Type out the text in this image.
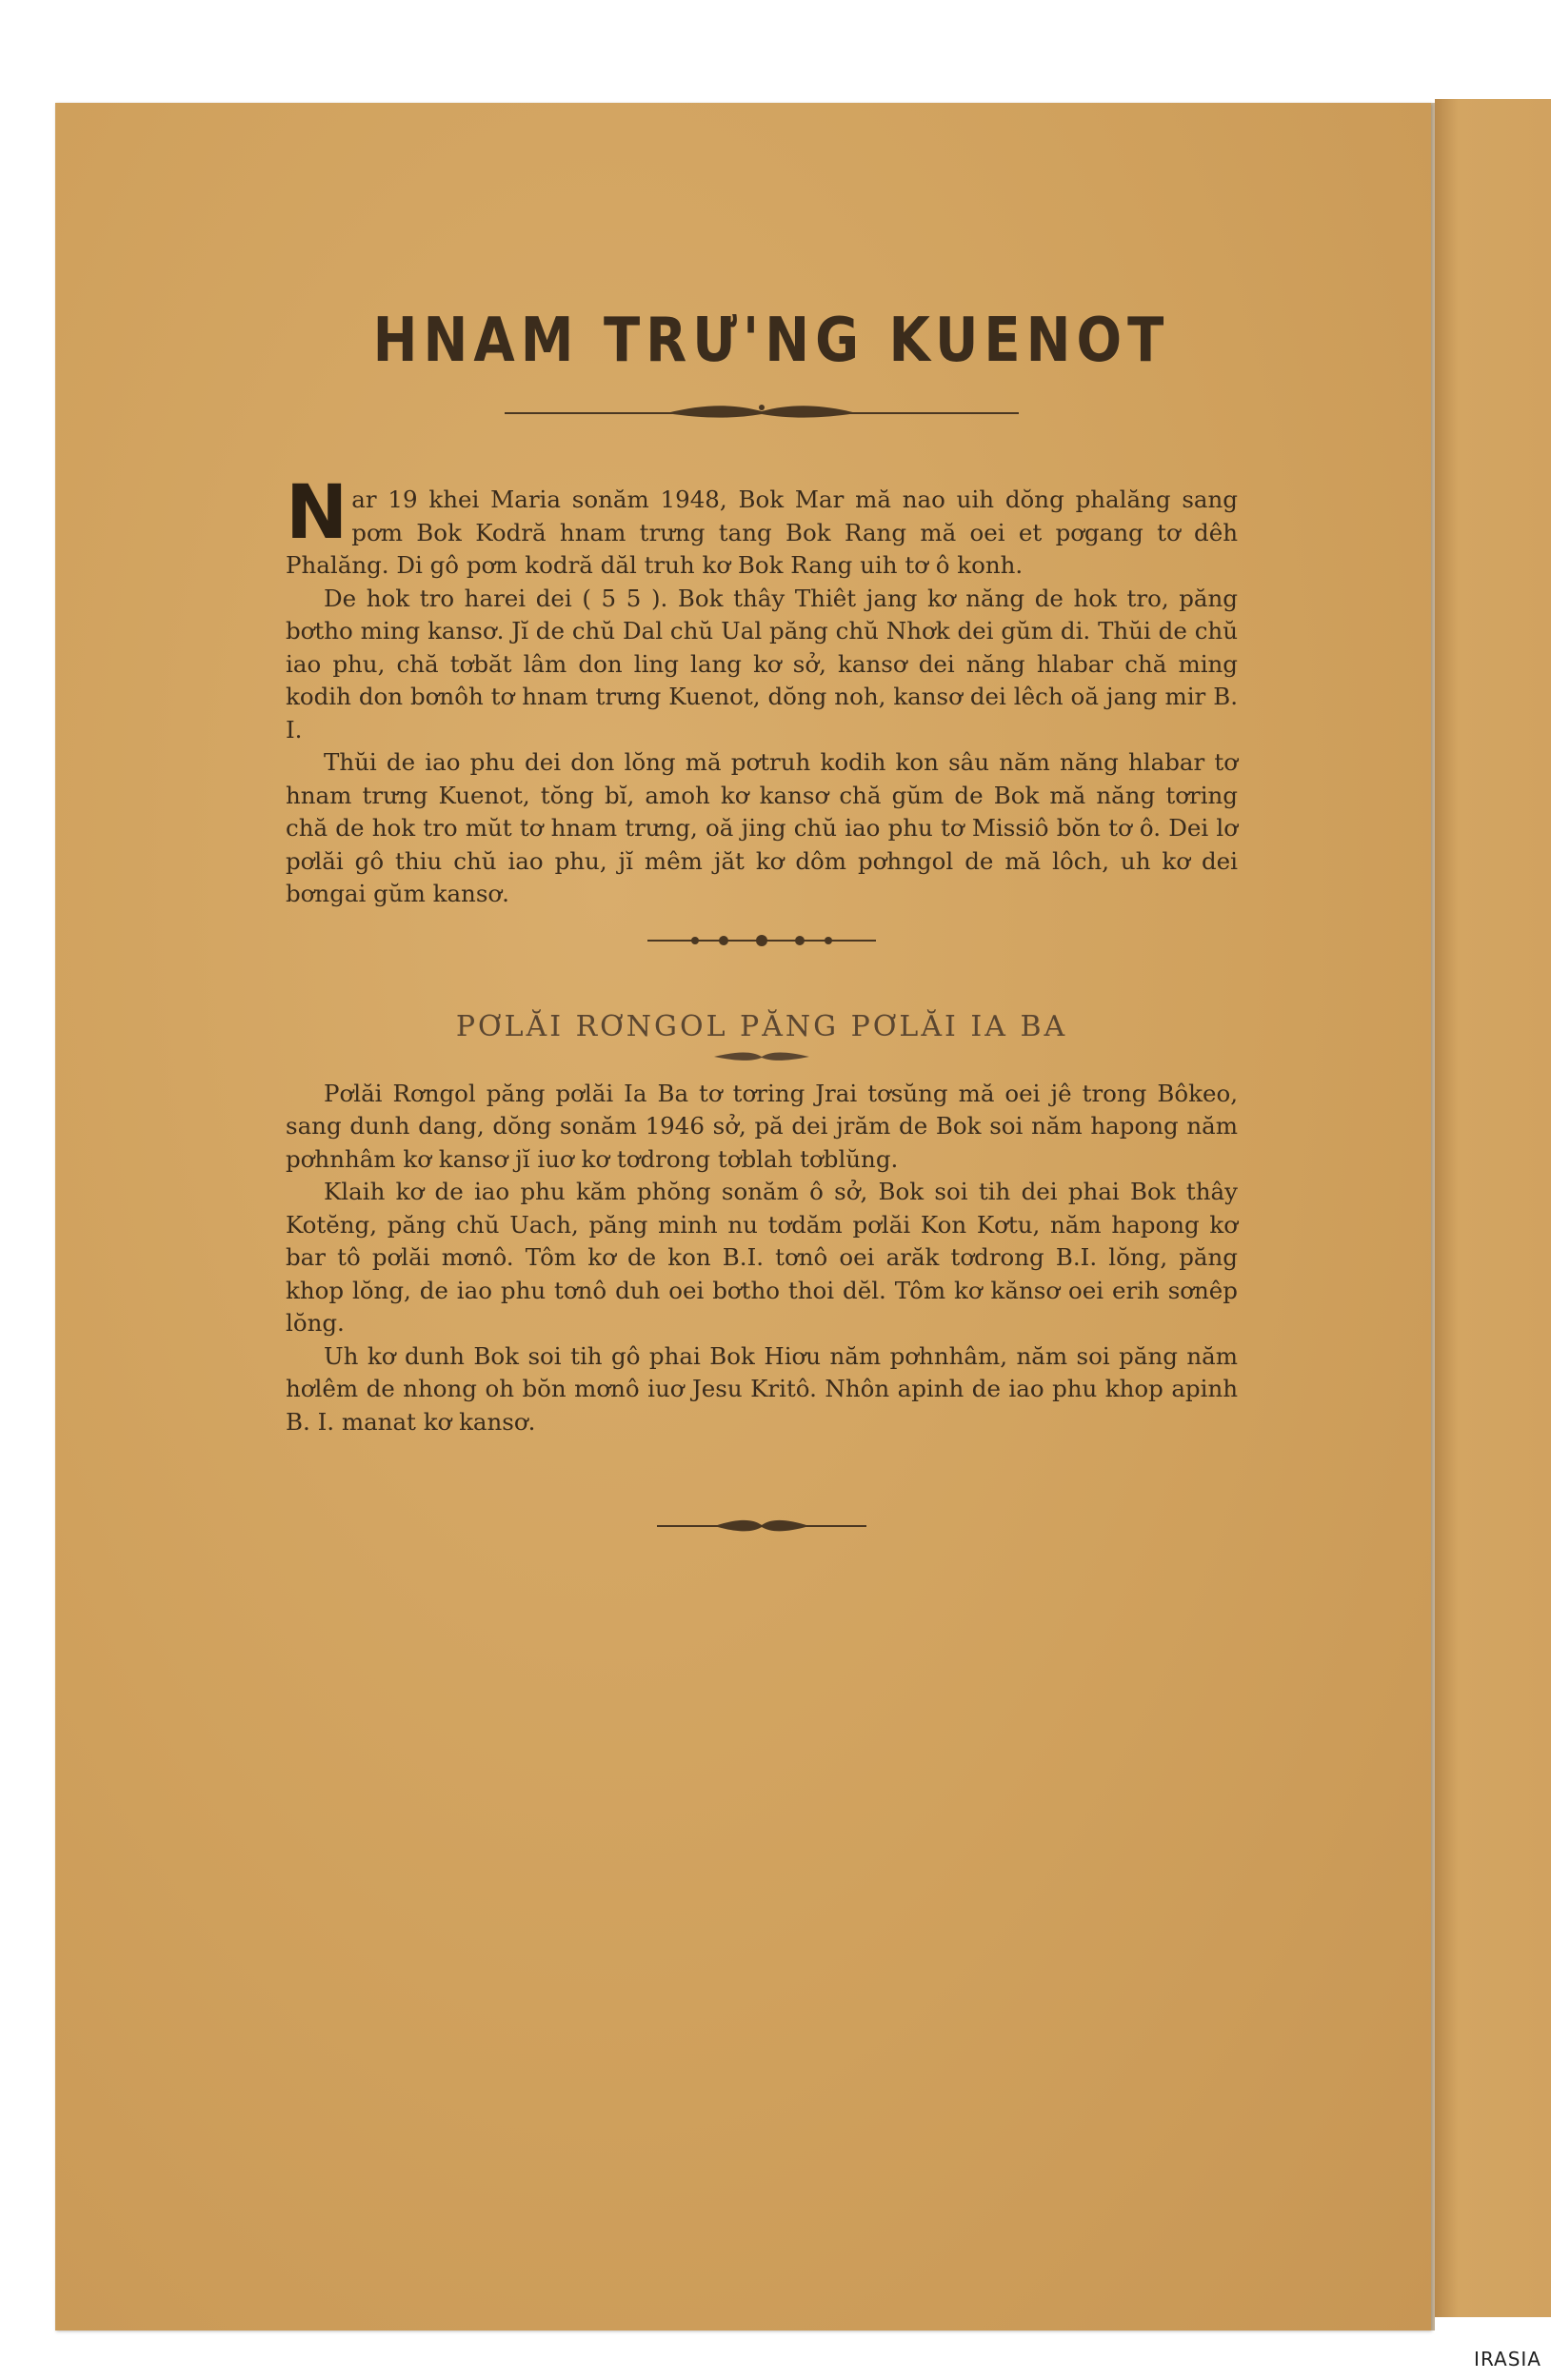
HNAM TRƯ'NG KUENOT

Nar 19 khei Maria sonăm 1948, Bok Mar mă nao uih dŏng phalăng sang pơm Bok Kodră hnam trưng tang Bok Rang mă oei et pơgang tơ dêh Phalăng. Di gô pơm kodră dăl truh kơ Bok Rang uih tơ ô konh.

De hok tro harei dei ( 5 5 ). Bok thây Thiêt jang kơ năng de hok tro, păng bơtho ming kansơ. Jĭ de chŭ Dal chŭ Ual păng chŭ Nhơk dei gŭm di. Thŭi de chŭ iao phu, chă tơbăt lâm don ling lang kơ sở, kansơ dei năng hlabar chă ming kodih don bơnôh tơ hnam trưng Kuenot, dŏng noh, kansơ dei lêch oă jang mir B. I.

Thŭi de iao phu dei don lŏng mă pơtruh kodih kon sâu năm năng hlabar tơ hnam trưng Kuenot, tŏng bĭ, amoh kơ kansơ chă gŭm de Bok mă năng tơring chă de hok tro mŭt tơ hnam trưng, oă jing chŭ iao phu tơ Missiô bŏn tơ ô. Dei lơ pơlăi gô thiu chŭ iao phu, jĭ mêm jăt kơ dôm pơhngol de mă lôch, uh kơ dei bơngai gŭm kansơ.

PƠLĂI RƠNGOL PĂNG PƠLĂI IA BA

Pơlăi Rơngol păng pơlăi Ia Ba tơ tơring Jrai tơsŭng mă oei jê trong Bôkeo, sang dunh dang, dŏng sonăm 1946 sở, pă dei jrăm de Bok soi năm hapong năm pơhnhâm kơ kansơ jĭ iuơ kơ tơdrong tơblah tơblŭng.

Klaih kơ de iao phu kăm phŏng sonăm ô sở, Bok soi tih dei phai Bok thây Kotĕng, păng chŭ Uach, păng minh nu tơdăm pơlăi Kon Kơtu, năm hapong kơ bar tô pơlăi mơnô. Tôm kơ de kon B.I. tơnô oei arăk tơdrong B.I. lŏng, păng khop lŏng, de iao phu tơnô duh oei bơtho thoi dĕl. Tôm kơ kănsơ oei erih sơnêp lŏng.

Uh kơ dunh Bok soi tih gô phai Bok Hiơu năm pơhnhâm, năm soi păng năm hơlêm de nhong oh bŏn mơnô iuơ Jesu Kritô. Nhôn apinh de iao phu khop apinh B. I. manat kơ kansơ.

IRASIA
